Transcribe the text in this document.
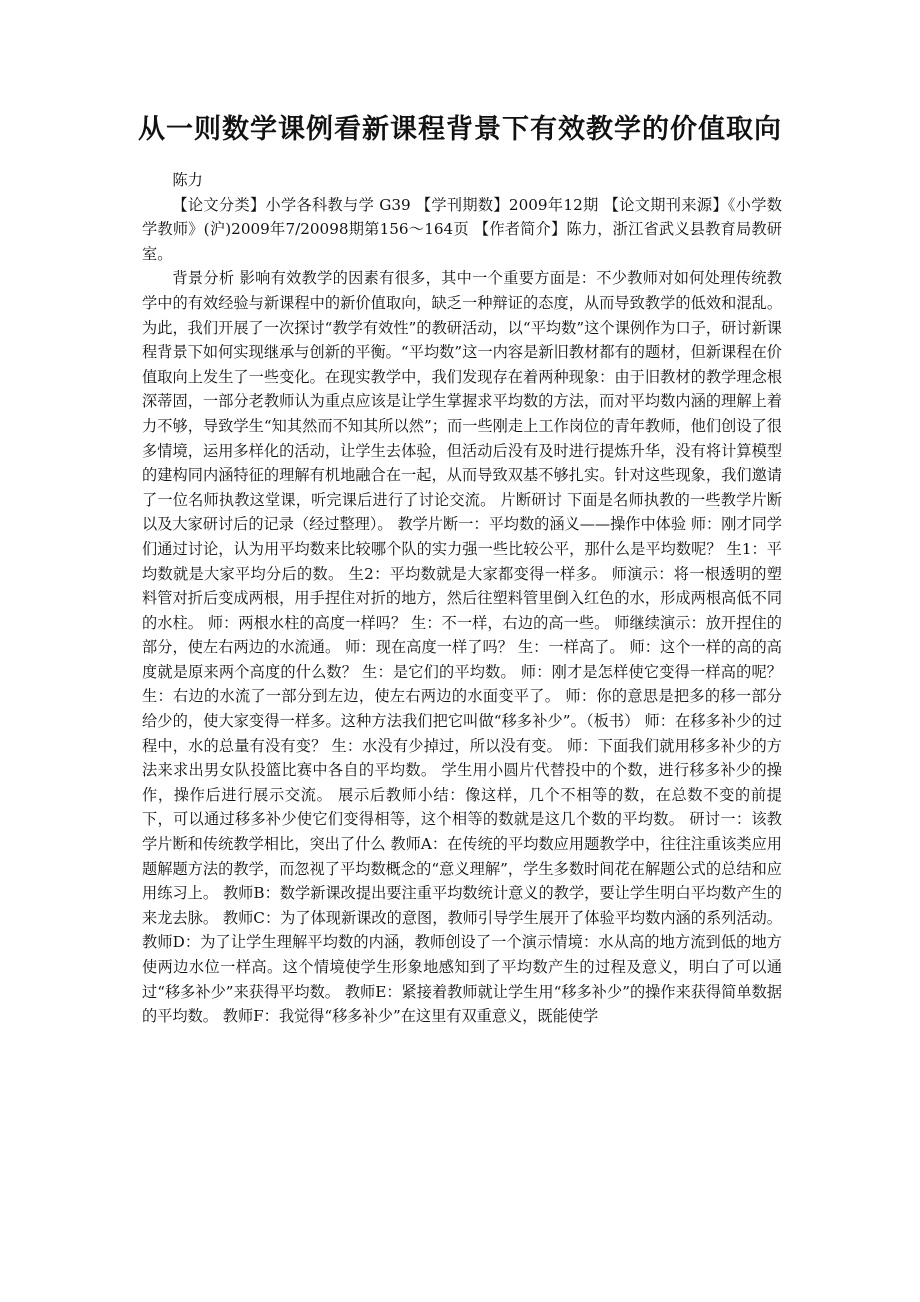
从一则数学课例看新课程背景下有效教学的价值取向

陈力

【论文分类】小学各科教与学 G39 【学刊期数】2009年12期 【论文期刊来源】《小学数学教师》(沪)2009年7/20098期第156～164页 【作者简介】陈力，浙江省武义县教育局教研室。

背景分析 影响有效教学的因素有很多，其中一个重要方面是：不少教师对如何处理传统教学中的有效经验与新课程中的新价值取向，缺乏一种辩证的态度，从而导致教学的低效和混乱。为此，我们开展了一次探讨“教学有效性”的教研活动，以“平均数”这个课例作为口子，研讨新课程背景下如何实现继承与创新的平衡。“平均数”这一内容是新旧教材都有的题材，但新课程在价值取向上发生了一些变化。在现实教学中，我们发现存在着两种现象：由于旧教材的教学理念根深蒂固，一部分老教师认为重点应该是让学生掌握求平均数的方法，而对平均数内涵的理解上着力不够，导致学生“知其然而不知其所以然”；而一些刚走上工作岗位的青年教师，他们创设了很多情境，运用多样化的活动，让学生去体验，但活动后没有及时进行提炼升华，没有将计算模型的建构同内涵特征的理解有机地融合在一起，从而导致双基不够扎实。针对这些现象，我们邀请了一位名师执教这堂课，听完课后进行了讨论交流。 片断研讨 下面是名师执教的一些教学片断以及大家研讨后的记录（经过整理）。 教学片断一：平均数的涵义——操作中体验 师：刚才同学们通过讨论，认为用平均数来比较哪个队的实力强一些比较公平，那什么是平均数呢？ 生1：平均数就是大家平均分后的数。 生2：平均数就是大家都变得一样多。 师演示：将一根透明的塑料管对折后变成两根，用手捏住对折的地方，然后往塑料管里倒入红色的水，形成两根高低不同的水柱。 师：两根水柱的高度一样吗？ 生：不一样，右边的高一些。 师继续演示：放开捏住的部分，使左右两边的水流通。 师：现在高度一样了吗？ 生：一样高了。 师：这个一样的高的高度就是原来两个高度的什么数？ 生：是它们的平均数。 师：刚才是怎样使它变得一样高的呢？ 生：右边的水流了一部分到左边，使左右两边的水面变平了。 师：你的意思是把多的移一部分给少的，使大家变得一样多。这种方法我们把它叫做“移多补少”。（板书） 师：在移多补少的过程中，水的总量有没有变？ 生：水没有少掉过，所以没有变。 师：下面我们就用移多补少的方法来求出男女队投篮比赛中各自的平均数。 学生用小圆片代替投中的个数，进行移多补少的操作，操作后进行展示交流。 展示后教师小结：像这样，几个不相等的数，在总数不变的前提下，可以通过移多补少使它们变得相等，这个相等的数就是这几个数的平均数。 研讨一：该教学片断和传统教学相比，突出了什么 教师A：在传统的平均数应用题教学中，往往注重该类应用题解题方法的教学，而忽视了平均数概念的“意义理解”，学生多数时间花在解题公式的总结和应用练习上。 教师B：数学新课改提出要注重平均数统计意义的教学，要让学生明白平均数产生的来龙去脉。 教师C：为了体现新课改的意图，教师引导学生展开了体验平均数内涵的系列活动。 教师D：为了让学生理解平均数的内涵，教师创设了一个演示情境：水从高的地方流到低的地方使两边水位一样高。这个情境使学生形象地感知到了平均数产生的过程及意义，明白了可以通过“移多补少”来获得平均数。 教师E：紧接着教师就让学生用“移多补少”的操作来获得简单数据的平均数。 教师F：我觉得“移多补少”在这里有双重意义，既能使学
